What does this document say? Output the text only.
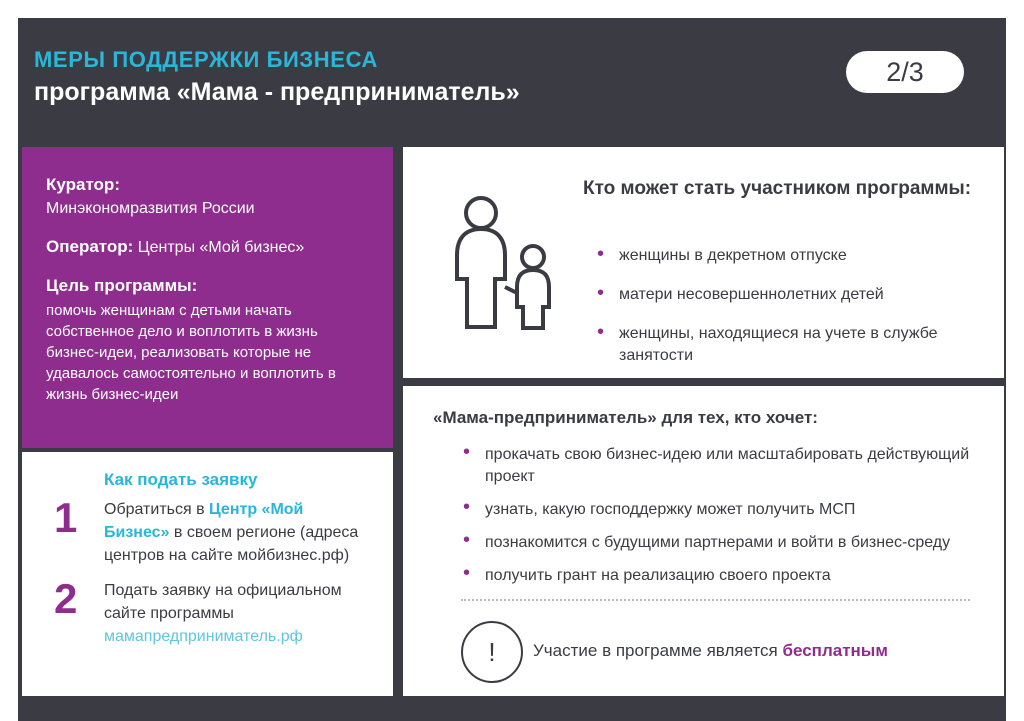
МЕРЫ ПОДДЕРЖКИ БИЗНЕСА
программа «Мама - предприниматель»
2/3
Куратор:
Минэкономразвития России
Оператор: Центры «Мой бизнес»
Цель программы:
помочь женщинам с детьми начать собственное дело и воплотить в жизнь бизнес-идеи, реализовать которые не удавалось самостоятельно и воплотить в жизнь бизнес-идеи
Как подать заявку
1 Обратиться в Центр «Мой Бизнес» в своем регионе (адреса центров на сайте мойбизнес.рф)
2 Подать заявку на официальном сайте программы мамапредприниматель.рф
Кто может стать участником программы:
• женщины в декретном отпуске
• матери несовершеннолетних детей
• женщины, находящиеся на учете в службе занятости
«Мама-предприниматель» для тех, кто хочет:
• прокачать свою бизнес-идею или масштабировать действующий проект
• узнать, какую господдержку может получить МСП
• познакомится с будущими партнерами и войти в бизнес-среду
• получить грант на реализацию своего проекта
!	Участие в программе является бесплатным
